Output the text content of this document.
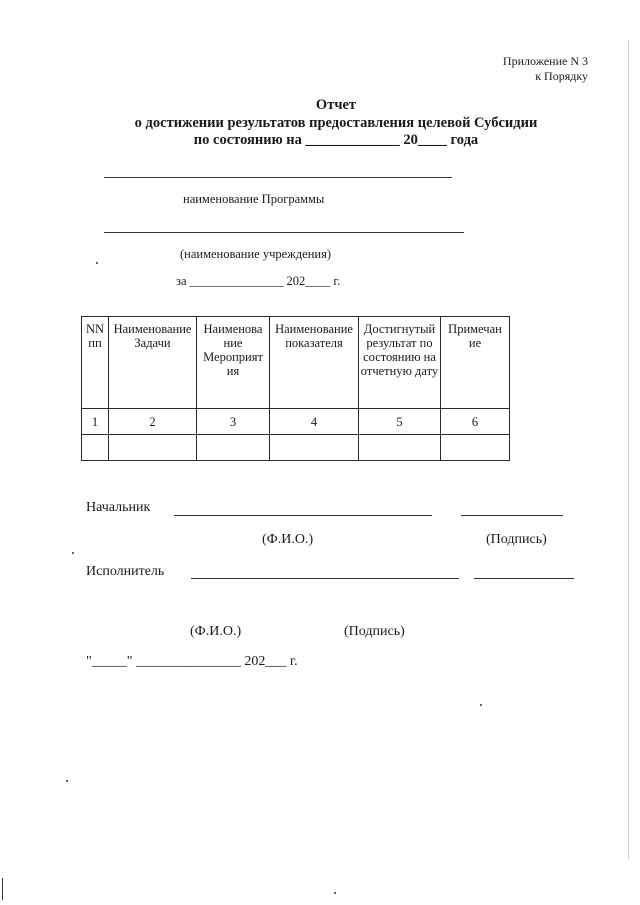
Приложение N 3
к Порядку
Отчет
о достижении результатов предоставления целевой Субсидии
по состоянию на _____________ 20____ года
наименование Программы
(наименование учреждения)
за _______________ 202____ г.
NN пп	Наименование Задачи	Наименова ние Мероприят ия	Наименование показателя	Достигнутый результат по состоянию на отчетную дату	Примечан ие
1	2	3	4	5	6

Начальник
(Ф.И.О.)	(Подпись)
Исполнитель
(Ф.И.О.)	(Подпись)
"_____" _______________ 202___ г.
